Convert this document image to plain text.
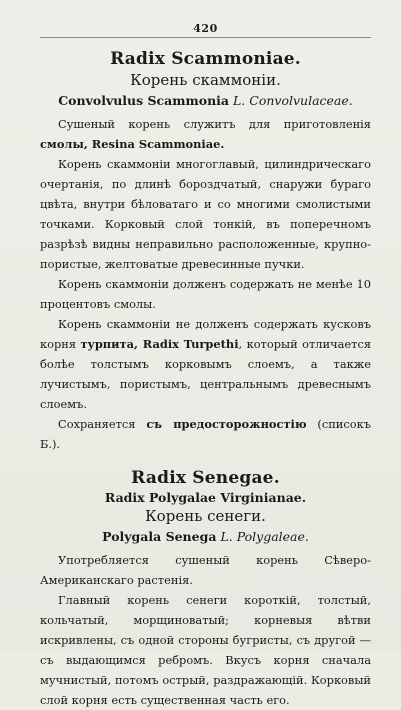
420
Radix Scammoniae.
Корень скаммонiи.
Convolvulus Scammonia L. Convolvulaceae.

Сушеный корень служитъ для приготовленiя смолы, Resina Scammoniae.

Корень скаммонiи многоглавый, цилиндрическаго очертанiя, по длинѣ бороздчатый, снаружи бураго цвѣта, внутри бѣловатаго и со многими смолистыми точками. Корковый слой тонкiй, въ поперечномъ разрѣзѣ видны неправильно расположенные, крупно-пористые, желтоватые древесинные пучки.

Корень скаммонiи долженъ содержать не менѣе 10 процентовъ смолы.

Корень скаммонiи не долженъ содержать кусковъ корня турпита, Radix Turpethi, который отличается болѣе толстымъ корковымъ слоемъ, а также лучистымъ, пористымъ, центральнымъ древеснымъ слоемъ.

Сохраняется съ предосторожностiю (списокъ Б.).

Radix Senegae.
Radix Polygalae Virginianae.
Корень сенеги.
Polygala Senega L. Polygaleae.

Употребляется сушеный корень Сѣверо-Американскаго растенiя.

Главный корень сенеги короткiй, толстый, кольчатый, морщиноватый; корневыя вѣтви искривлены, съ одной стороны бугристы, съ другой — съ выдающимся ребромъ. Вкусъ корня сначала мучнистый, потомъ острый, раздражающiй. Корковый слой корня есть существенная часть его.
